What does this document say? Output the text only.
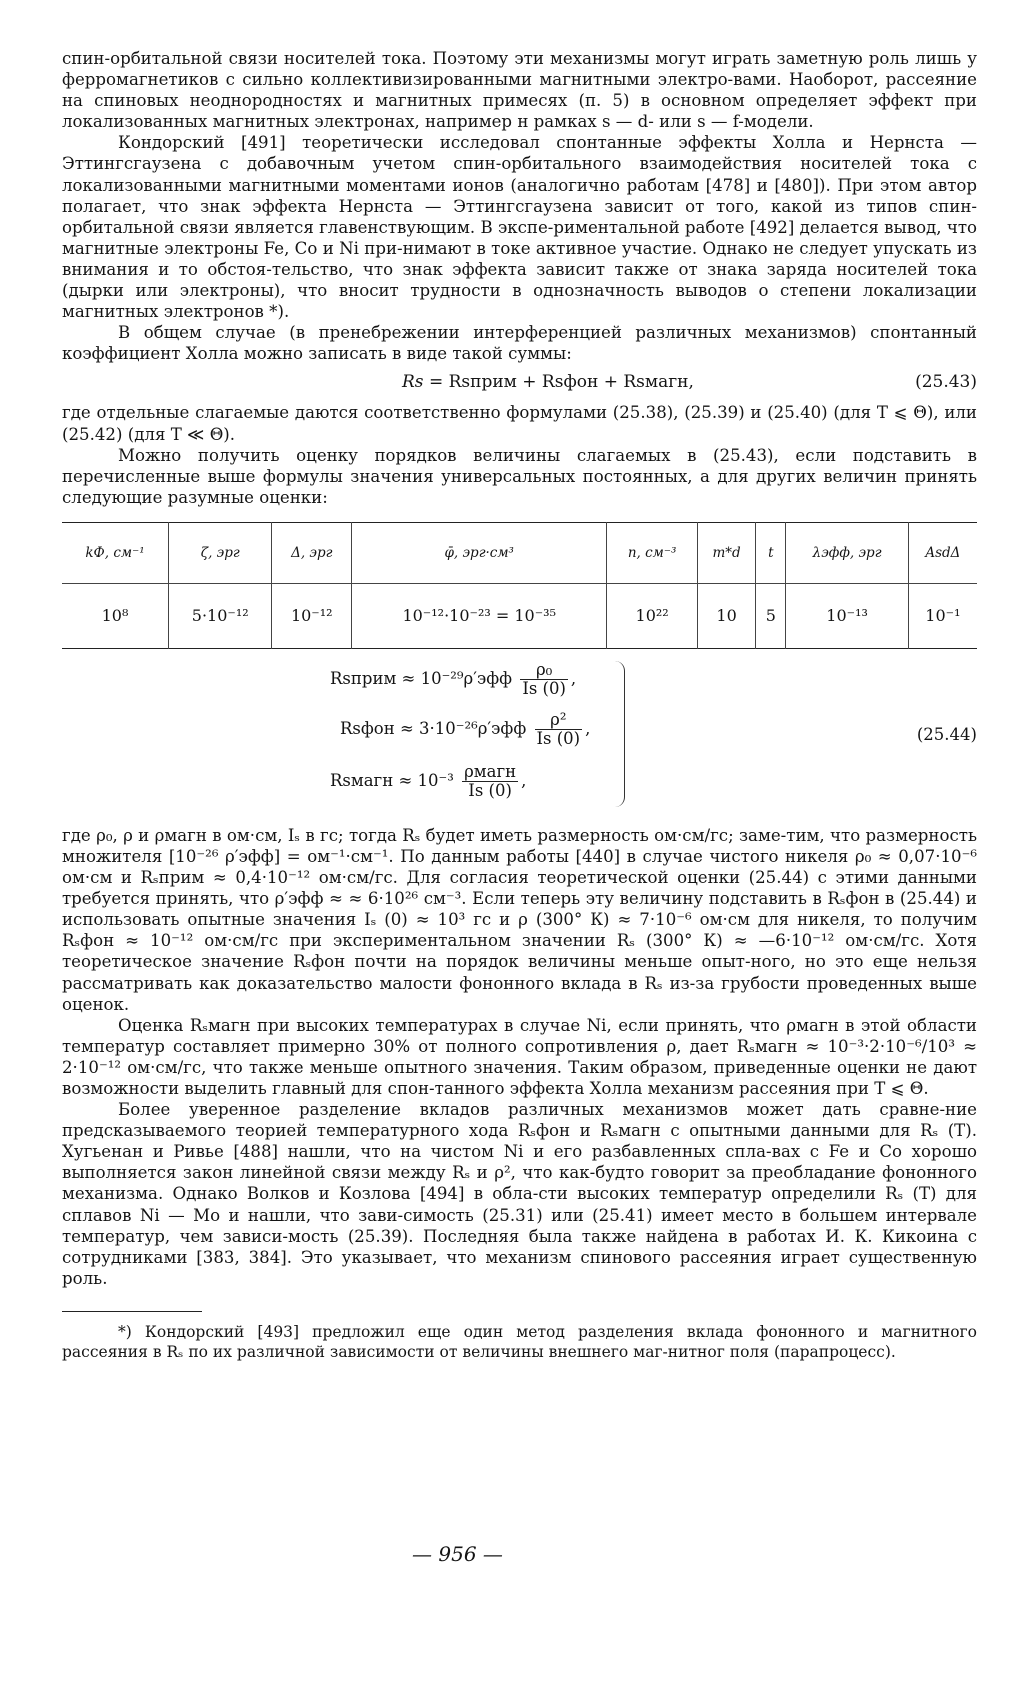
спин-орбитальной связи носителей тока. Поэтому эти механизмы могут играть заметную роль лишь у ферромагнетиков с сильно коллективизированными магнитными электро-вами. Наоборот, рассеяние на спиновых неоднородностях и магнитных примесях (п. 5) в основном определяет эффект при локализованных магнитных электронах, например н рамках s — d- или s — f-модели.

Кондорский [491] теоретически исследовал спонтанные эффекты Холла и Нернста — Эттингсгаузена с добавочным учетом спин-орбитального взаимодействия носителей тока с локализованными магнитными моментами ионов (аналогично работам [478] и [480]). При этом автор полагает, что знак эффекта Нернста — Эттингсгаузена зависит от того, какой из типов спин-орбитальной связи является главенствующим. В экспе-риментальной работе [492] делается вывод, что магнитные электроны Fe, Co и Ni при-нимают в токе активное участие. Однако не следует упускать из внимания и то обстоя-тельство, что знак эффекта зависит также от знака заряда носителей тока (дырки или электроны), что вносит трудности в однозначность выводов о степени локализации магнитных электронов *).

В общем случае (в пренебрежении интерференцией различных механизмов) спонтанный коэффициент Холла можно записать в виде такой суммы:

Rs = Rsприм + Rsфон + Rsмагн,	(25.43)

где отдельные слагаемые даются соответственно формулами (25.38), (25.39) и (25.40) (для T ⩽ Θ), или (25.42) (для T ≪ Θ).

Можно получить оценку порядков величины слагаемых в (25.43), если подставить в перечисленные выше формулы значения универсальных постоянных, а для других величин принять следующие разумные оценки:

kФ, см⁻¹	ζ, эрг	Δ, эрг	φ̄, эрг·см³	n, см⁻³	m*d	t	λэфф, эрг	AsdΔ
10⁸	5·10⁻¹²	10⁻¹²	10⁻¹²·10⁻²³ = 10⁻³⁵	10²²	10	5	10⁻¹³	10⁻¹
Rsприм ≈ $10^{-29}\rho'эфф \frac{\text{ρ₀}}{Is (0)}$ ,
Rsфон ≈ $3\cdot 10^{-26}\rho'эфф \frac{\text{ρ²}}{Is (0)}$ ,
Rsмагн ≈ $10^{-3} \frac{\text{ρмагн}}{Is (0)}$ ,
(25.44)

где ρ₀, ρ и ρмагн в ом·см, Iₛ в гс; тогда Rₛ будет иметь размерность ом·см/гс; заме-тим, что размерность множителя [10⁻²⁶ ρ′эфф] = ом⁻¹·см⁻¹. По данным работы [440] в случае чистого никеля ρ₀ ≈ 0,07·10⁻⁶ ом·см и Rₛприм ≈ 0,4·10⁻¹² ом·см/гс. Для согласия теоретической оценки (25.44) с этими данными требуется принять, что ρ′эфф ≈ ≈ 6·10²⁶ см⁻³. Если теперь эту величину подставить в Rₛфон в (25.44) и использовать опытные значения Iₛ (0) ≈ 10³ гс и ρ (300° К) ≈ 7·10⁻⁶ ом·см для никеля, то получим Rₛфон ≈ 10⁻¹² ом·см/гс при экспериментальном значении Rₛ (300° К) ≈ —6·10⁻¹² ом·см/гс. Хотя теоретическое значение Rₛфон почти на порядок величины меньше опыт-ного, но это еще нельзя рассматривать как доказательство малости фононного вклада в Rₛ из-за грубости проведенных выше оценок.

Оценка Rₛмагн при высоких температурах в случае Ni, если принять, что ρмагн в этой области температур составляет примерно 30% от полного сопротивления ρ, дает Rₛмагн ≈ 10⁻³·2·10⁻⁶/10³ ≈ 2·10⁻¹² ом·см/гс, что также меньше опытного значения. Таким образом, приведенные оценки не дают возможности выделить главный для спон-танного эффекта Холла механизм рассеяния при T ⩽ Θ.

Более уверенное разделение вкладов различных механизмов может дать сравне-ние предсказываемого теорией температурного хода Rₛфон и Rₛмагн с опытными данными для Rₛ (T). Хугьенан и Ривье [488] нашли, что на чистом Ni и его разбавленных спла-вах с Fe и Co хорошо выполняется закон линейной связи между Rₛ и ρ², что как-будто говорит за преобладание фононного механизма. Однако Волков и Козлова [494] в обла-сти высоких температур определили Rₛ (T) для сплавов Ni — Mo и нашли, что зави-симость (25.31) или (25.41) имеет место в большем интервале температур, чем зависи-мость (25.39). Последняя была также найдена в работах И. К. Кикоина с сотрудниками [383, 384]. Это указывает, что механизм спинового рассеяния играет существенную роль.

*) Кондорский [493] предложил еще один метод разделения вклада фононного и магнитного рассеяния в Rₛ по их различной зависимости от величины внешнего маг-нитног поля (парапроцесс).

— 956 —
